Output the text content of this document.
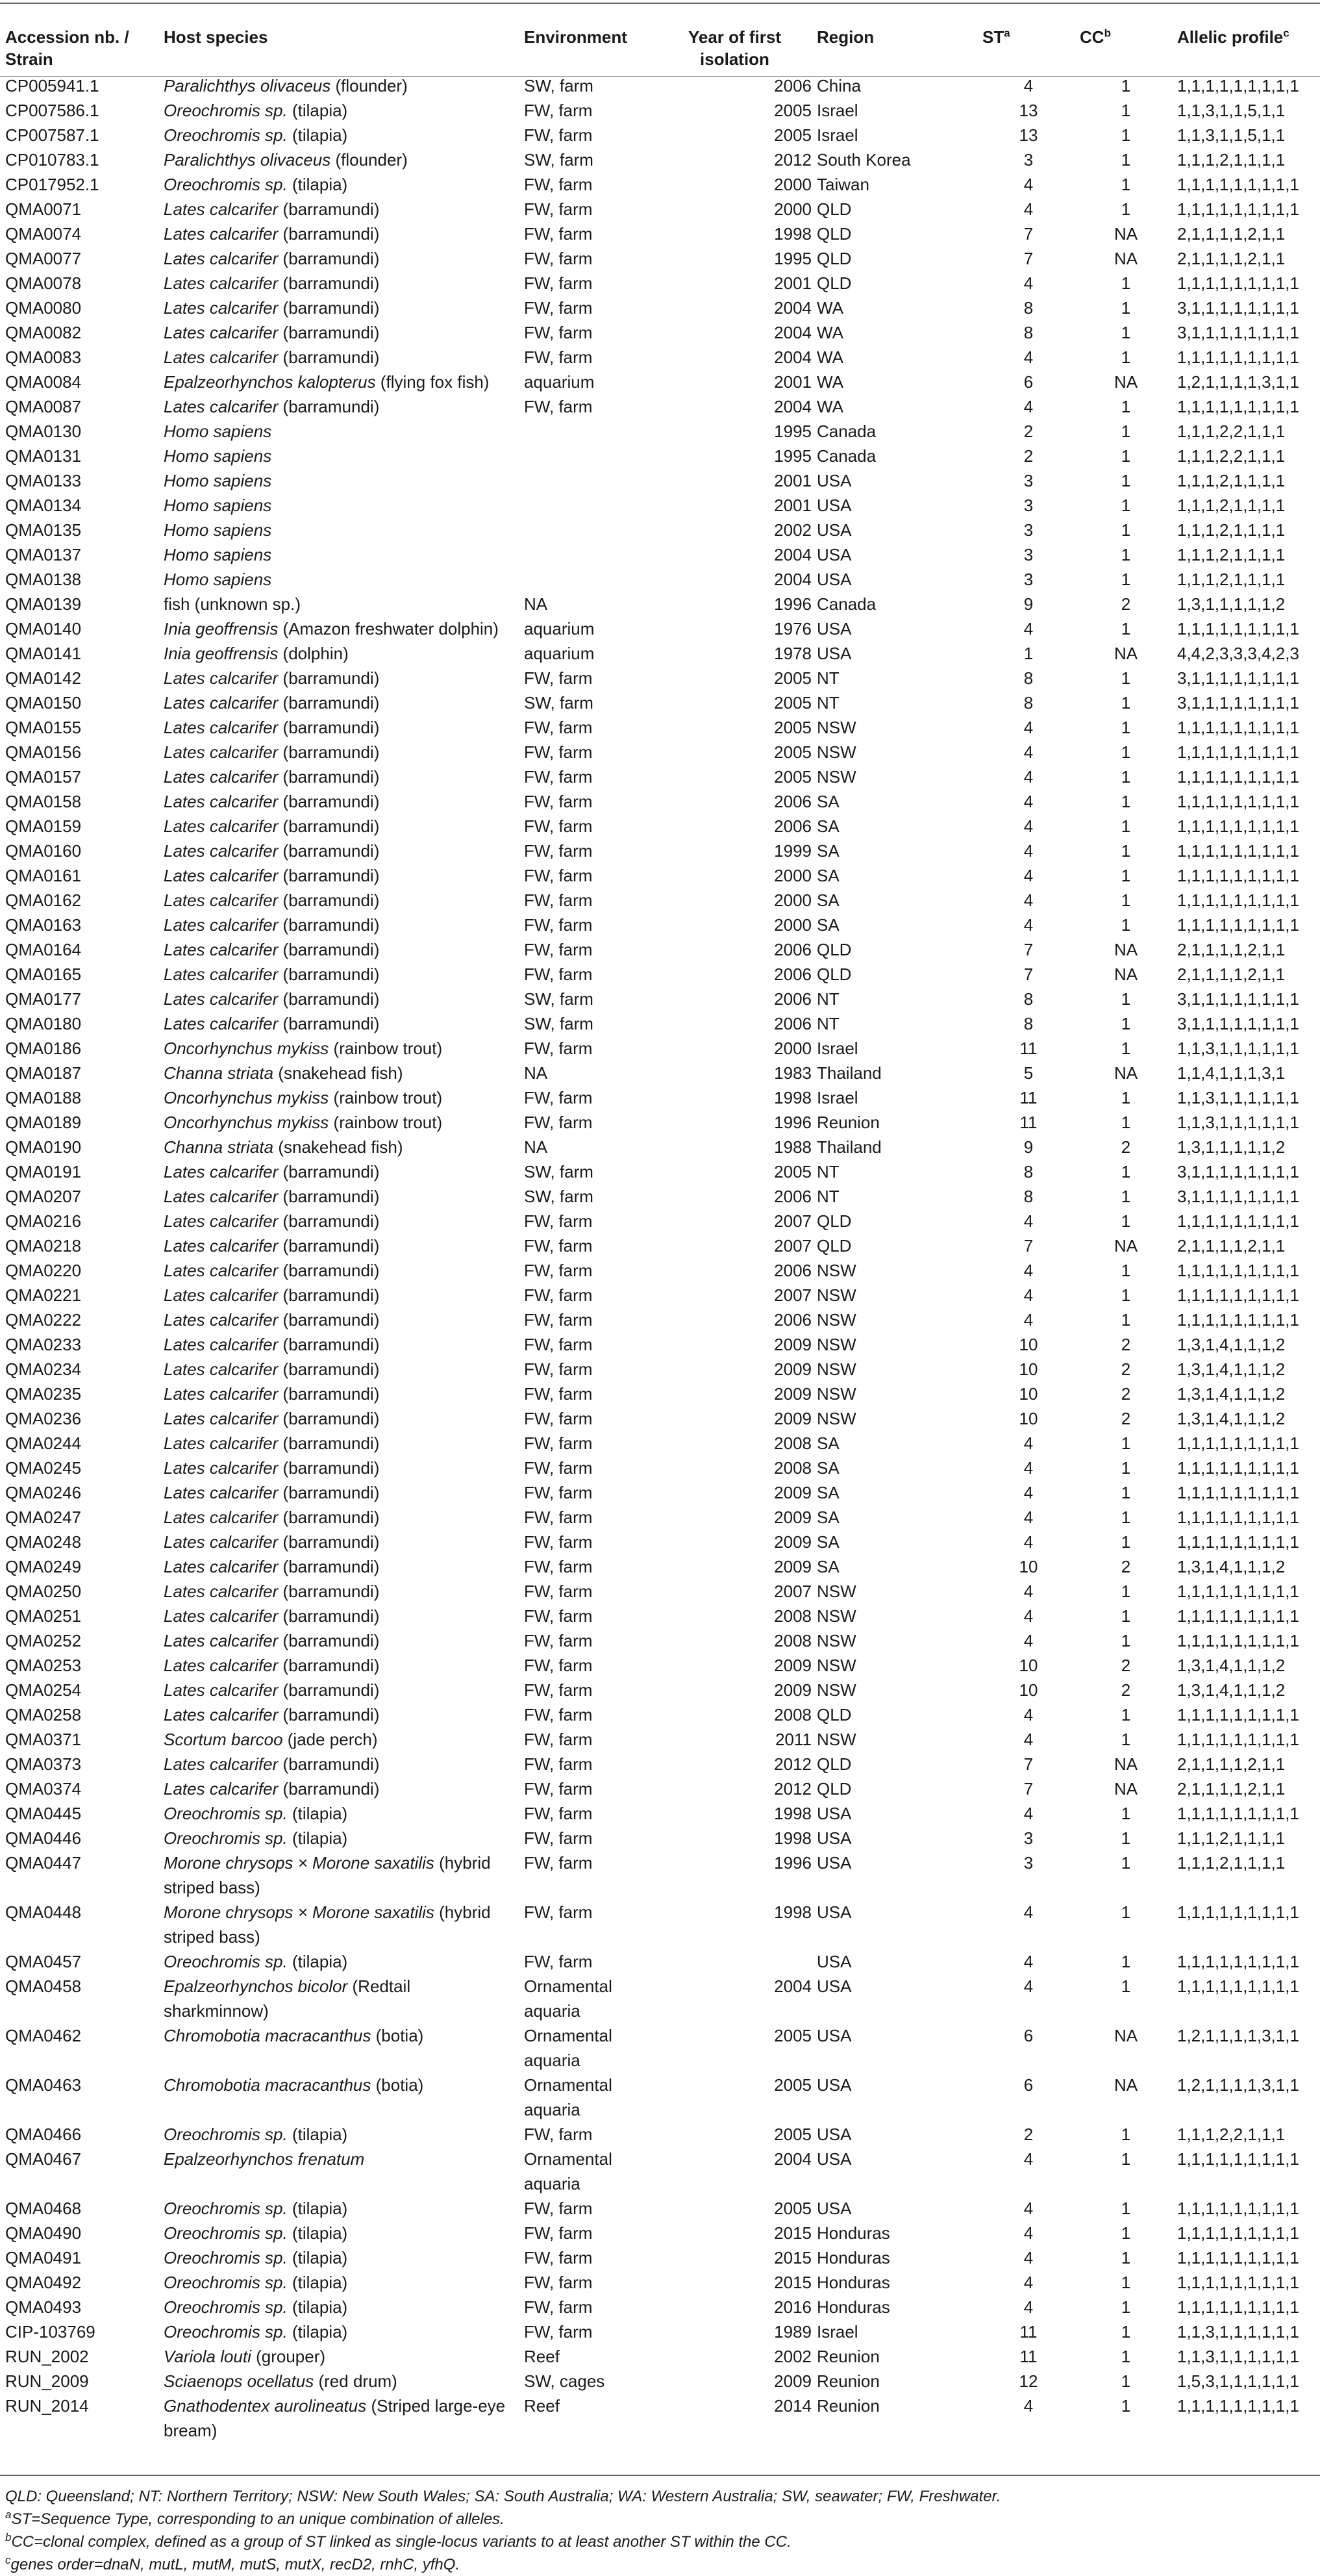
Accession nb. / Strain	Host species	Environment	Year of first isolation	Region	$ST^a$	$CC^b$	Allelic profile$^c$
CP005941.1	Paralichthys olivaceus (flounder)	SW, farm	2006	China	4	1	1,1,1,1,1,1,1,1,1
CP007586.1	Oreochromis sp. (tilapia)	FW, farm	2005	Israel	13	1	1,1,3,1,1,5,1,1
CP007587.1	Oreochromis sp. (tilapia)	FW, farm	2005	Israel	13	1	1,1,3,1,1,5,1,1
CP010783.1	Paralichthys olivaceus (flounder)	SW, farm	2012	South Korea	3	1	1,1,1,2,1,1,1,1
CP017952.1	Oreochromis sp. (tilapia)	FW, farm	2000	Taiwan	4	1	1,1,1,1,1,1,1,1,1
QMA0071	Lates calcarifer (barramundi)	FW, farm	2000	QLD	4	1	1,1,1,1,1,1,1,1,1
QMA0074	Lates calcarifer (barramundi)	FW, farm	1998	QLD	7	NA	2,1,1,1,1,2,1,1
QMA0077	Lates calcarifer (barramundi)	FW, farm	1995	QLD	7	NA	2,1,1,1,1,2,1,1
QMA0078	Lates calcarifer (barramundi)	FW, farm	2001	QLD	4	1	1,1,1,1,1,1,1,1,1
QMA0080	Lates calcarifer (barramundi)	FW, farm	2004	WA	8	1	3,1,1,1,1,1,1,1,1
QMA0082	Lates calcarifer (barramundi)	FW, farm	2004	WA	8	1	3,1,1,1,1,1,1,1,1
QMA0083	Lates calcarifer (barramundi)	FW, farm	2004	WA	4	1	1,1,1,1,1,1,1,1,1
QMA0084	Epalzeorhynchos kalopterus (flying fox fish)	aquarium	2001	WA	6	NA	1,2,1,1,1,1,3,1,1
QMA0087	Lates calcarifer (barramundi)	FW, farm	2004	WA	4	1	1,1,1,1,1,1,1,1,1
QMA0130	Homo sapiens		1995	Canada	2	1	1,1,1,2,2,1,1,1
QMA0131	Homo sapiens		1995	Canada	2	1	1,1,1,2,2,1,1,1
QMA0133	Homo sapiens		2001	USA	3	1	1,1,1,2,1,1,1,1
QMA0134	Homo sapiens		2001	USA	3	1	1,1,1,2,1,1,1,1
QMA0135	Homo sapiens		2002	USA	3	1	1,1,1,2,1,1,1,1
QMA0137	Homo sapiens		2004	USA	3	1	1,1,1,2,1,1,1,1
QMA0138	Homo sapiens		2004	USA	3	1	1,1,1,2,1,1,1,1
QMA0139	fish (unknown sp.)	NA	1996	Canada	9	2	1,3,1,1,1,1,1,2
QMA0140	Inia geoffrensis (Amazon freshwater dolphin)	aquarium	1976	USA	4	1	1,1,1,1,1,1,1,1,1
QMA0141	Inia geoffrensis (dolphin)	aquarium	1978	USA	1	NA	4,4,2,3,3,3,4,2,3
QMA0142	Lates calcarifer (barramundi)	FW, farm	2005	NT	8	1	3,1,1,1,1,1,1,1,1
QMA0150	Lates calcarifer (barramundi)	SW, farm	2005	NT	8	1	3,1,1,1,1,1,1,1,1
QMA0155	Lates calcarifer (barramundi)	FW, farm	2005	NSW	4	1	1,1,1,1,1,1,1,1,1
QMA0156	Lates calcarifer (barramundi)	FW, farm	2005	NSW	4	1	1,1,1,1,1,1,1,1,1
QMA0157	Lates calcarifer (barramundi)	FW, farm	2005	NSW	4	1	1,1,1,1,1,1,1,1,1
QMA0158	Lates calcarifer (barramundi)	FW, farm	2006	SA	4	1	1,1,1,1,1,1,1,1,1
QMA0159	Lates calcarifer (barramundi)	FW, farm	2006	SA	4	1	1,1,1,1,1,1,1,1,1
QMA0160	Lates calcarifer (barramundi)	FW, farm	1999	SA	4	1	1,1,1,1,1,1,1,1,1
QMA0161	Lates calcarifer (barramundi)	FW, farm	2000	SA	4	1	1,1,1,1,1,1,1,1,1
QMA0162	Lates calcarifer (barramundi)	FW, farm	2000	SA	4	1	1,1,1,1,1,1,1,1,1
QMA0163	Lates calcarifer (barramundi)	FW, farm	2000	SA	4	1	1,1,1,1,1,1,1,1,1
QMA0164	Lates calcarifer (barramundi)	FW, farm	2006	QLD	7	NA	2,1,1,1,1,2,1,1
QMA0165	Lates calcarifer (barramundi)	FW, farm	2006	QLD	7	NA	2,1,1,1,1,2,1,1
QMA0177	Lates calcarifer (barramundi)	SW, farm	2006	NT	8	1	3,1,1,1,1,1,1,1,1
QMA0180	Lates calcarifer (barramundi)	SW, farm	2006	NT	8	1	3,1,1,1,1,1,1,1,1
QMA0186	Oncorhynchus mykiss (rainbow trout)	FW, farm	2000	Israel	11	1	1,1,3,1,1,1,1,1,1
QMA0187	Channa striata (snakehead fish)	NA	1983	Thailand	5	NA	1,1,4,1,1,1,3,1
QMA0188	Oncorhynchus mykiss (rainbow trout)	FW, farm	1998	Israel	11	1	1,1,3,1,1,1,1,1,1
QMA0189	Oncorhynchus mykiss (rainbow trout)	FW, farm	1996	Reunion	11	1	1,1,3,1,1,1,1,1,1
QMA0190	Channa striata (snakehead fish)	NA	1988	Thailand	9	2	1,3,1,1,1,1,1,2
QMA0191	Lates calcarifer (barramundi)	SW, farm	2005	NT	8	1	3,1,1,1,1,1,1,1,1
QMA0207	Lates calcarifer (barramundi)	SW, farm	2006	NT	8	1	3,1,1,1,1,1,1,1,1
QMA0216	Lates calcarifer (barramundi)	FW, farm	2007	QLD	4	1	1,1,1,1,1,1,1,1,1
QMA0218	Lates calcarifer (barramundi)	FW, farm	2007	QLD	7	NA	2,1,1,1,1,2,1,1
QMA0220	Lates calcarifer (barramundi)	FW, farm	2006	NSW	4	1	1,1,1,1,1,1,1,1,1
QMA0221	Lates calcarifer (barramundi)	FW, farm	2007	NSW	4	1	1,1,1,1,1,1,1,1,1
QMA0222	Lates calcarifer (barramundi)	FW, farm	2006	NSW	4	1	1,1,1,1,1,1,1,1,1
QMA0233	Lates calcarifer (barramundi)	FW, farm	2009	NSW	10	2	1,3,1,4,1,1,1,2
QMA0234	Lates calcarifer (barramundi)	FW, farm	2009	NSW	10	2	1,3,1,4,1,1,1,2
QMA0235	Lates calcarifer (barramundi)	FW, farm	2009	NSW	10	2	1,3,1,4,1,1,1,2
QMA0236	Lates calcarifer (barramundi)	FW, farm	2009	NSW	10	2	1,3,1,4,1,1,1,2
QMA0244	Lates calcarifer (barramundi)	FW, farm	2008	SA	4	1	1,1,1,1,1,1,1,1,1
QMA0245	Lates calcarifer (barramundi)	FW, farm	2008	SA	4	1	1,1,1,1,1,1,1,1,1
QMA0246	Lates calcarifer (barramundi)	FW, farm	2009	SA	4	1	1,1,1,1,1,1,1,1,1
QMA0247	Lates calcarifer (barramundi)	FW, farm	2009	SA	4	1	1,1,1,1,1,1,1,1,1
QMA0248	Lates calcarifer (barramundi)	FW, farm	2009	SA	4	1	1,1,1,1,1,1,1,1,1
QMA0249	Lates calcarifer (barramundi)	FW, farm	2009	SA	10	2	1,3,1,4,1,1,1,2
QMA0250	Lates calcarifer (barramundi)	FW, farm	2007	NSW	4	1	1,1,1,1,1,1,1,1,1
QMA0251	Lates calcarifer (barramundi)	FW, farm	2008	NSW	4	1	1,1,1,1,1,1,1,1,1
QMA0252	Lates calcarifer (barramundi)	FW, farm	2008	NSW	4	1	1,1,1,1,1,1,1,1,1
QMA0253	Lates calcarifer (barramundi)	FW, farm	2009	NSW	10	2	1,3,1,4,1,1,1,2
QMA0254	Lates calcarifer (barramundi)	FW, farm	2009	NSW	10	2	1,3,1,4,1,1,1,2
QMA0258	Lates calcarifer (barramundi)	FW, farm	2008	QLD	4	1	1,1,1,1,1,1,1,1,1
QMA0371	Scortum barcoo (jade perch)	FW, farm	2011	NSW	4	1	1,1,1,1,1,1,1,1,1
QMA0373	Lates calcarifer (barramundi)	FW, farm	2012	QLD	7	NA	2,1,1,1,1,2,1,1
QMA0374	Lates calcarifer (barramundi)	FW, farm	2012	QLD	7	NA	2,1,1,1,1,2,1,1
QMA0445	Oreochromis sp. (tilapia)	FW, farm	1998	USA	4	1	1,1,1,1,1,1,1,1,1
QMA0446	Oreochromis sp. (tilapia)	FW, farm	1998	USA	3	1	1,1,1,2,1,1,1,1
QMA0447	Morone chrysops × Morone saxatilis (hybrid striped bass)	FW, farm	1996	USA	3	1	1,1,1,2,1,1,1,1
QMA0448	Morone chrysops × Morone saxatilis (hybrid striped bass)	FW, farm	1998	USA	4	1	1,1,1,1,1,1,1,1,1
QMA0457	Oreochromis sp. (tilapia)	FW, farm		USA	4	1	1,1,1,1,1,1,1,1,1
QMA0458	Epalzeorhynchos bicolor (Redtail sharkminnow)	Ornamental aquaria	2004	USA	4	1	1,1,1,1,1,1,1,1,1
QMA0462	Chromobotia macracanthus (botia)	Ornamental aquaria	2005	USA	6	NA	1,2,1,1,1,1,3,1,1
QMA0463	Chromobotia macracanthus (botia)	Ornamental aquaria	2005	USA	6	NA	1,2,1,1,1,1,3,1,1
QMA0466	Oreochromis sp. (tilapia)	FW, farm	2005	USA	2	1	1,1,1,2,2,1,1,1
QMA0467	Epalzeorhynchos frenatum	Ornamental aquaria	2004	USA	4	1	1,1,1,1,1,1,1,1,1
QMA0468	Oreochromis sp. (tilapia)	FW, farm	2005	USA	4	1	1,1,1,1,1,1,1,1,1
QMA0490	Oreochromis sp. (tilapia)	FW, farm	2015	Honduras	4	1	1,1,1,1,1,1,1,1,1
QMA0491	Oreochromis sp. (tilapia)	FW, farm	2015	Honduras	4	1	1,1,1,1,1,1,1,1,1
QMA0492	Oreochromis sp. (tilapia)	FW, farm	2015	Honduras	4	1	1,1,1,1,1,1,1,1,1
QMA0493	Oreochromis sp. (tilapia)	FW, farm	2016	Honduras	4	1	1,1,1,1,1,1,1,1,1
CIP-103769	Oreochromis sp. (tilapia)	FW, farm	1989	Israel	11	1	1,1,3,1,1,1,1,1,1
RUN_2002	Variola louti (grouper)	Reef	2002	Reunion	11	1	1,1,3,1,1,1,1,1,1
RUN_2009	Sciaenops ocellatus (red drum)	SW, cages	2009	Reunion	12	1	1,5,3,1,1,1,1,1,1
RUN_2014	Gnathodentex aurolineatus (Striped large-eye bream)	Reef	2014	Reunion	4	1	1,1,1,1,1,1,1,1,1
QLD: Queensland; NT: Northern Territory; NSW: New South Wales; SA: South Australia; WA: Western Australia; SW, seawater; FW, Freshwater.
$^a$ST=Sequence Type, corresponding to an unique combination of alleles.
$^b$CC=clonal complex, defined as a group of ST linked as single-locus variants to at least another ST within the CC.
$^c$genes order=dnaN, mutL, mutM, mutS, mutX, recD2, rnhC, yfhQ.
